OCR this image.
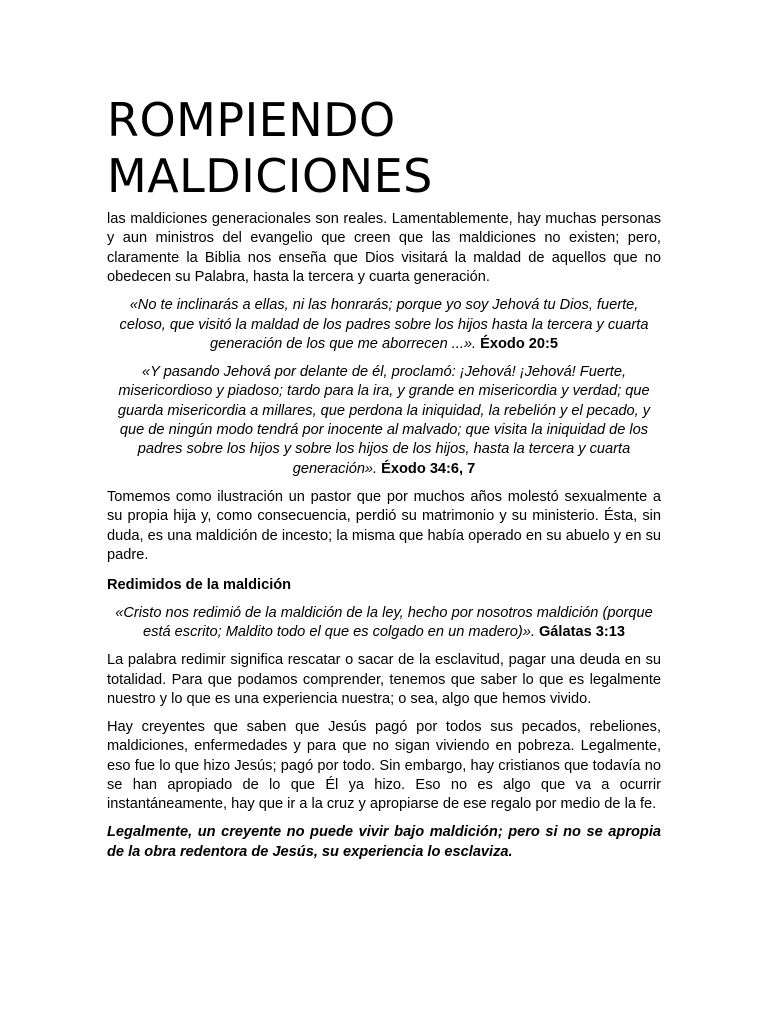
ROMPIENDO
MALDICIONES

las maldiciones generacionales son reales. Lamentablemente, hay muchas personas y aun ministros del evangelio que creen que las maldiciones no existen; pero, claramente la Biblia nos enseña que Dios visitará la maldad de aquellos que no obedecen su Palabra, hasta la tercera y cuarta generación.

«No te inclinarás a ellas, ni las honrarás; porque yo soy Jehová tu Dios, fuerte, celoso, que visitó la maldad de los padres sobre los hijos hasta la tercera y cuarta generación de los que me aborrecen ...». Éxodo 20:5

«Y pasando Jehová por delante de él, proclamó: ¡Jehová! ¡Jehová! Fuerte, misericordioso y piadoso; tardo para la ira, y grande en misericordia y verdad; que guarda misericordia a millares, que perdona la iniquidad, la rebelión y el pecado, y que de ningún modo tendrá por inocente al malvado; que visita la iniquidad de los padres sobre los hijos y sobre los hijos de los hijos, hasta la tercera y cuarta generación». Éxodo 34:6, 7

Tomemos como ilustración un pastor que por muchos años molestó sexualmente a su propia hija y, como consecuencia, perdió su matrimonio y su ministerio. Ésta, sin duda, es una maldición de incesto; la misma que había operado en su abuelo y en su padre.

Redimidos de la maldición

«Cristo nos redimió de la maldición de la ley, hecho por nosotros maldición (porque está escrito; Maldito todo el que es colgado en un madero)». Gálatas 3:13

La palabra redimir significa rescatar o sacar de la esclavitud, pagar una deuda en su totalidad. Para que podamos comprender, tenemos que saber lo que es legalmente nuestro y lo que es una experiencia nuestra; o sea, algo que hemos vivido.

Hay creyentes que saben que Jesús pagó por todos sus pecados, rebeliones, maldiciones, enfermedades y para que no sigan viviendo en pobreza. Legalmente, eso fue lo que hizo Jesús; pagó por todo. Sin embargo, hay cristianos que todavía no se han apropiado de lo que Él ya hizo. Eso no es algo que va a ocurrir instantáneamente, hay que ir a la cruz y apropiarse de ese regalo por medio de la fe.

Legalmente, un creyente no puede vivir bajo maldición; pero si no se apropia de la obra redentora de Jesús, su experiencia lo esclaviza.
